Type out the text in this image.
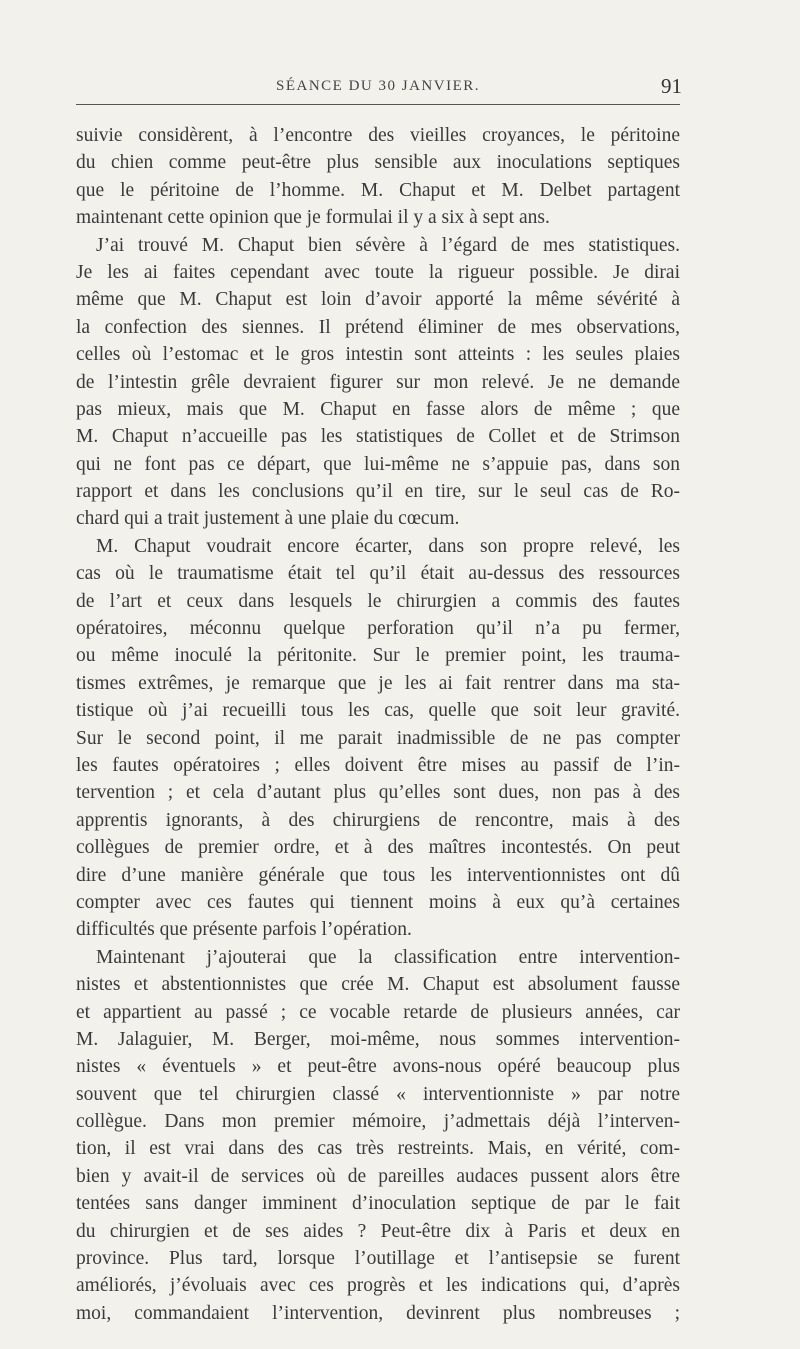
SÉANCE DU 30 JANVIER.	91
suivie considèrent, à l’encontre des vieilles croyances, le péritoine
du chien comme peut-être plus sensible aux inoculations septiques
que le péritoine de l’homme. M. Chaput et M. Delbet partagent
maintenant cette opinion que je formulai il y a six à sept ans.
J’ai trouvé M. Chaput bien sévère à l’égard de mes statistiques.
Je les ai faites cependant avec toute la rigueur possible. Je dirai
même que M. Chaput est loin d’avoir apporté la même sévérité à
la confection des siennes. Il prétend éliminer de mes observations,
celles où l’estomac et le gros intestin sont atteints : les seules plaies
de l’intestin grêle devraient figurer sur mon relevé. Je ne demande
pas mieux, mais que M. Chaput en fasse alors de même ; que
M. Chaput n’accueille pas les statistiques de Collet et de Strimson
qui ne font pas ce départ, que lui-même ne s’appuie pas, dans son
rapport et dans les conclusions qu’il en tire, sur le seul cas de Ro-
chard qui a trait justement à une plaie du cœcum.
M. Chaput voudrait encore écarter, dans son propre relevé, les
cas où le traumatisme était tel qu’il était au-dessus des ressources
de l’art et ceux dans lesquels le chirurgien a commis des fautes
opératoires, méconnu quelque perforation qu’il n’a pu fermer,
ou même inoculé la péritonite. Sur le premier point, les trauma-
tismes extrêmes, je remarque que je les ai fait rentrer dans ma sta-
tistique où j’ai recueilli tous les cas, quelle que soit leur gravité.
Sur le second point, il me parait inadmissible de ne pas compter
les fautes opératoires ; elles doivent être mises au passif de l’in-
tervention ; et cela d’autant plus qu’elles sont dues, non pas à des
apprentis ignorants, à des chirurgiens de rencontre, mais à des
collègues de premier ordre, et à des maîtres incontestés. On peut
dire d’une manière générale que tous les interventionnistes ont dû
compter avec ces fautes qui tiennent moins à eux qu’à certaines
difficultés que présente parfois l’opération.
Maintenant j’ajouterai que la classification entre intervention-
nistes et abstentionnistes que crée M. Chaput est absolument fausse
et appartient au passé ; ce vocable retarde de plusieurs années, car
M. Jalaguier, M. Berger, moi-même, nous sommes intervention-
nistes « éventuels » et peut-être avons-nous opéré beaucoup plus
souvent que tel chirurgien classé « interventionniste » par notre
collègue. Dans mon premier mémoire, j’admettais déjà l’interven-
tion, il est vrai dans des cas très restreints. Mais, en vérité, com-
bien y avait-il de services où de pareilles audaces pussent alors être
tentées sans danger imminent d’inoculation septique de par le fait
du chirurgien et de ses aides ? Peut-être dix à Paris et deux en
province. Plus tard, lorsque l’outillage et l’antisepsie se furent
améliorés, j’évoluais avec ces progrès et les indications qui, d’après
moi, commandaient l’intervention, devinrent plus nombreuses ;
